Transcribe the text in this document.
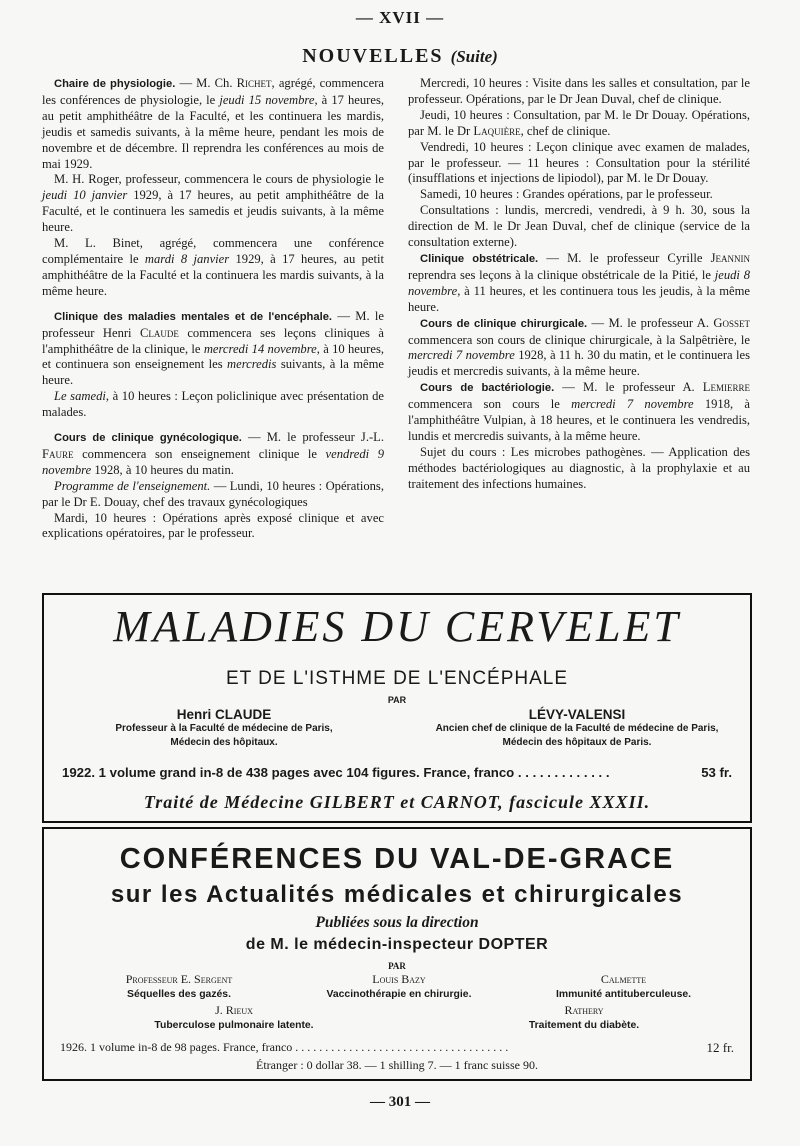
— XVII —
NOUVELLES (Suite)

Chaire de physiologie. — M. Ch. Richet, agrégé, commencera les conférences de physiologie, le jeudi 15 novembre, à 17 heures, au petit amphithéâtre de la Faculté, et les continuera les mardis, jeudis et samedis suivants, à la même heure, pendant les mois de novembre et de décembre. Il reprendra les conférences au mois de mai 1929.

M. H. Roger, professeur, commencera le cours de physiologie le jeudi 10 janvier 1929, à 17 heures, au petit amphithéâtre de la Faculté, et le continuera les samedis et jeudis suivants, à la même heure.

M. L. Binet, agrégé, commencera une conférence complémentaire le mardi 8 janvier 1929, à 17 heures, au petit amphithéâtre de la Faculté et la continuera les mardis suivants, à la même heure.

Clinique des maladies mentales et de l'encéphale. — M. le professeur Henri Claude commencera ses leçons cliniques à l'amphithéâtre de la clinique, le mercredi 14 novembre, à 10 heures, et continuera son enseignement les mercredis suivants, à la même heure.

Le samedi, à 10 heures : Leçon policlinique avec présentation de malades.

Cours de clinique gynécologique. — M. le professeur J.-L. Faure commencera son enseignement clinique le vendredi 9 novembre 1928, à 10 heures du matin.

Programme de l'enseignement. — Lundi, 10 heures : Opérations, par le Dr E. Douay, chef des travaux gynécologiques

Mardi, 10 heures : Opérations après exposé clinique et avec explications opératoires, par le professeur.

Mercredi, 10 heures : Visite dans les salles et consultation, par le professeur. Opérations, par le Dr Jean Duval, chef de clinique.

Jeudi, 10 heures : Consultation, par M. le Dr Douay. Opérations, par M. le Dr Laquière, chef de clinique.

Vendredi, 10 heures : Leçon clinique avec examen de malades, par le professeur. — 11 heures : Consultation pour la stérilité (insufflations et injections de lipiodol), par M. le Dr Douay.

Samedi, 10 heures : Grandes opérations, par le professeur.

Consultations : lundis, mercredi, vendredi, à 9 h. 30, sous la direction de M. le Dr Jean Duval, chef de clinique (service de la consultation externe).

Clinique obstétricale. — M. le professeur Cyrille Jeannin reprendra ses leçons à la clinique obstétricale de la Pitié, le jeudi 8 novembre, à 11 heures, et les continuera tous les jeudis, à la même heure.

Cours de clinique chirurgicale. — M. le professeur A. Gosset commencera son cours de clinique chirurgicale, à la Salpêtrière, le mercredi 7 novembre 1928, à 11 h. 30 du matin, et le continuera les jeudis et mercredis suivants, à la même heure.

Cours de bactériologie. — M. le professeur A. Lemierre commencera son cours le mercredi 7 novembre 1918, à l'amphithéâtre Vulpian, à 18 heures, et le continuera les vendredis, lundis et mercredis suivants, à la même heure.

Sujet du cours : Les microbes pathogènes. — Application des méthodes bactériologiques au diagnostic, à la prophylaxie et au traitement des infections humaines.

MALADIES DU CERVELET
ET DE L'ISTHME DE L'ENCÉPHALE
PAR
Henri CLAUDE
Professeur à la Faculté de médecine de Paris,
Médecin des hôpitaux.
LÉVY-VALENSI
Ancien chef de clinique de la Faculté de médecine de Paris,
Médecin des hôpitaux de Paris.
1922. 1 volume grand in-8 de 438 pages avec 104 figures. France, franco . . . . . . . . . . . . .	53 fr.
Traité de Médecine GILBERT et CARNOT, fascicule XXXII.
CONFÉRENCES DU VAL-DE-GRACE
sur les Actualités médicales et chirurgicales
Publiées sous la direction
de M. le médecin-inspecteur DOPTER
PAR
Professeur E. Sergent
Séquelles des gazés.
Louis Bazy
Vaccinothérapie en chirurgie.
Calmette
Immunité antituberculeuse.
J. Rieux
Tuberculose pulmonaire latente.
Rathery
Traitement du diabète.
1926. 1 volume in-8 de 98 pages. France, franco . . . . . . . . . . . . . . . . . . . . . . . . . . . . . . . . . . . .	12 fr.
Étranger : 0 dollar 38. — 1 shilling 7. — 1 franc suisse 90.
— 301 —
